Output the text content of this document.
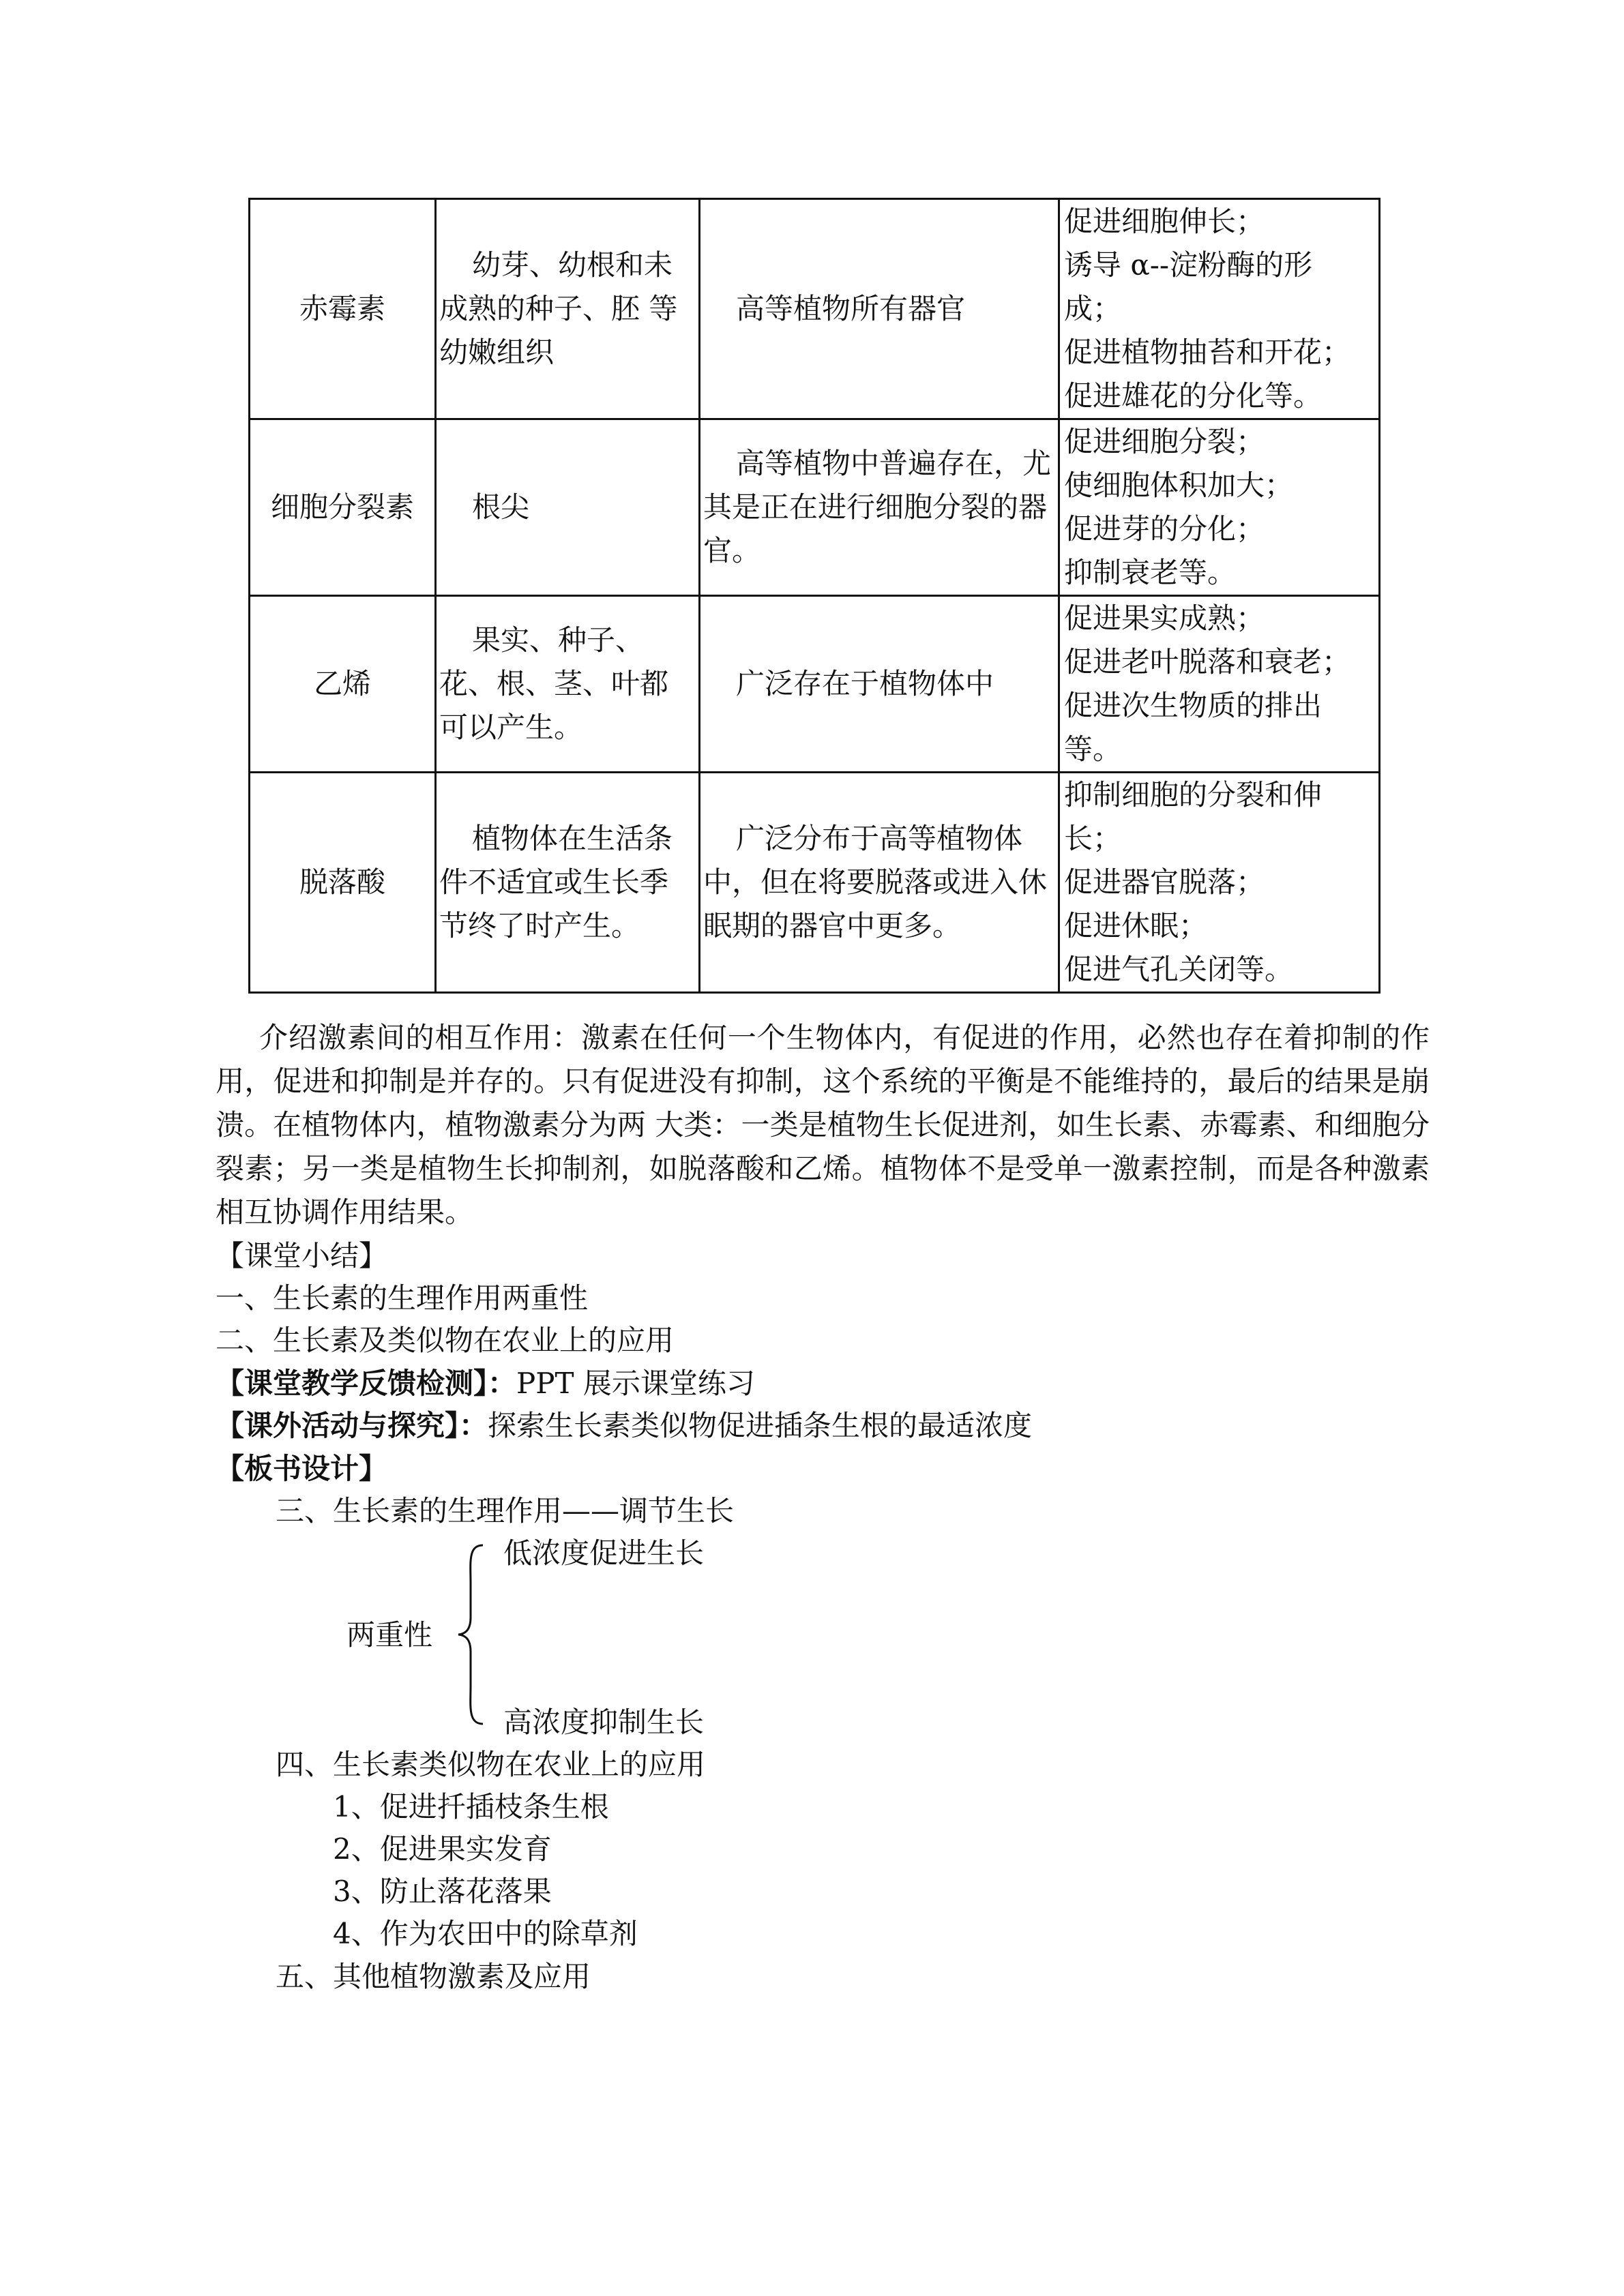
赤霉素	幼芽、幼根和未成熟的种子、胚 等幼嫩组织	高等植物所有器官	促进细胞伸长；
诱导 α--淀粉酶的形
成；
促进植物抽苔和开花；
促进雄花的分化等。

细胞分裂素	根尖	高等植物中普遍存在，尤其是正在进行细胞分裂的器官。	促进细胞分裂；
使细胞体积加大；
促进芽的分化；
抑制衰老等。

乙烯	果实、种子、花、根、茎、叶都可以产生。	广泛存在于植物体中	促进果实成熟；
促进老叶脱落和衰老；
促进次生物质的排出
等。

脱落酸	植物体在生活条件不适宜或生长季节终了时产生。	广泛分布于高等植物体中，但在将要脱落或进入休眠期的器官中更多。	抑制细胞的分裂和伸
长；
促进器官脱落；
促进休眠；
促进气孔关闭等。

介绍激素间的相互作用：激素在任何一个生物体内，有促进的作用，必然也存在着抑制的作用，促进和抑制是并存的。只有促进没有抑制，这个系统的平衡是不能维持的，最后的结果是崩溃。在植物体内，植物激素分为两 大类：一类是植物生长促进剂，如生长素、赤霉素、和细胞分裂素；另一类是植物生长抑制剂，如脱落酸和乙烯。植物体不是受单一激素控制，而是各种激素相互协调作用结果。

【课堂小结】
一、生长素的生理作用两重性
二、生长素及类似物在农业上的应用
【课堂教学反馈检测】：PPT 展示课堂练习
【课外活动与探究】：探索生长素类似物促进插条生根的最适浓度
【板书设计】
三、生长素的生理作用——调节生长
低浓度促进生长
两重性
高浓度抑制生长
四、生长素类似物在农业上的应用
1、促进扦插枝条生根
2、促进果实发育
3、防止落花落果
4、作为农田中的除草剂
五、其他植物激素及应用
